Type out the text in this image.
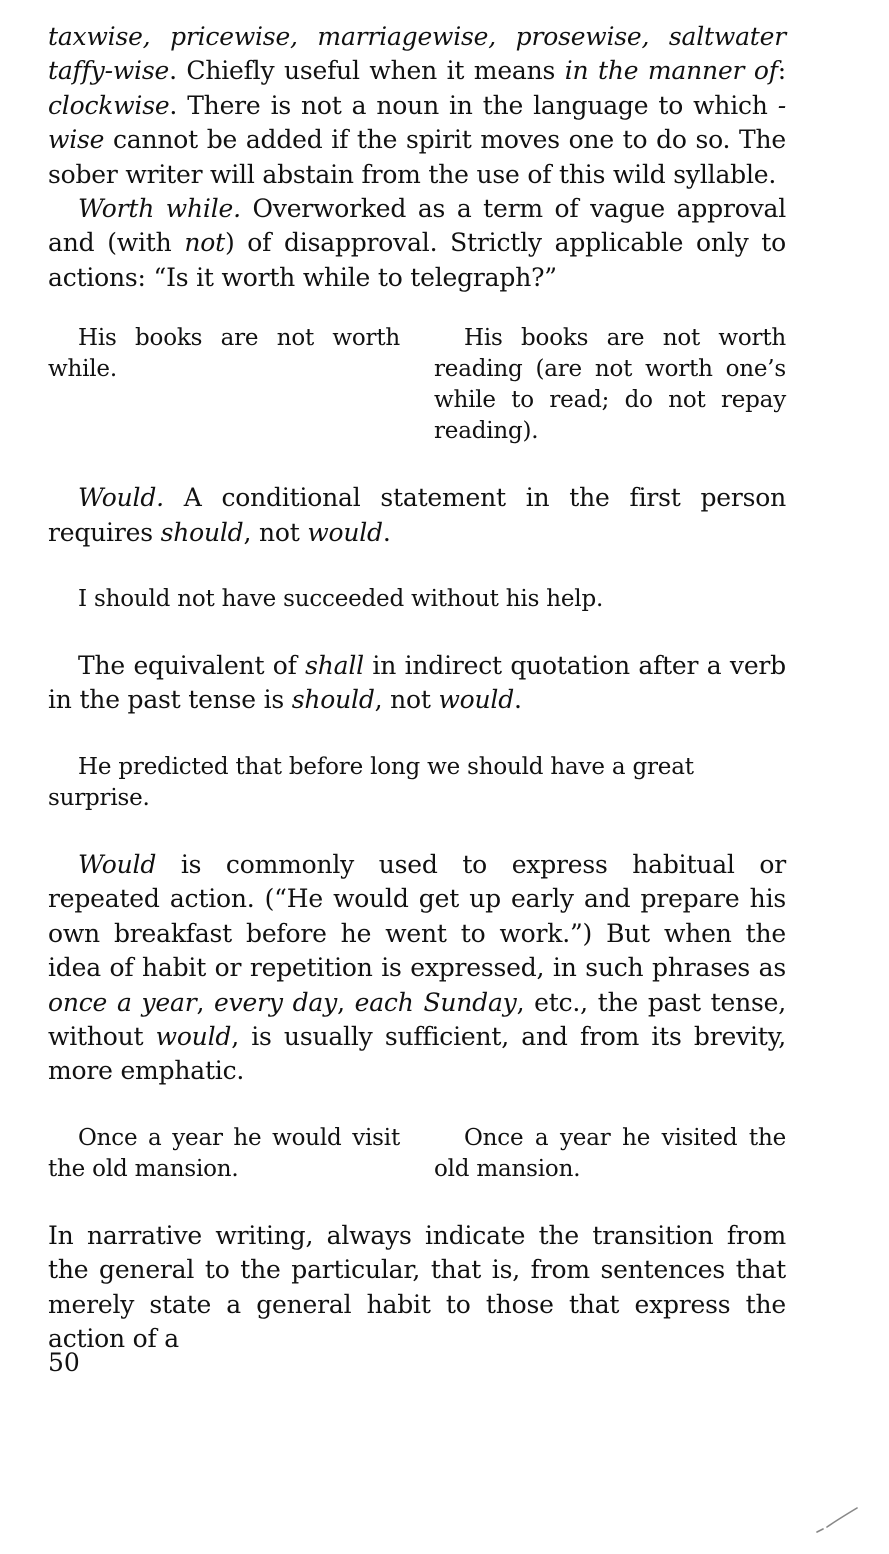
taxwise, pricewise, marriagewise, prosewise, saltwater taffy-wise. Chiefly useful when it means in the manner of: clockwise. There is not a noun in the language to which -wise cannot be added if the spirit moves one to do so. The sober writer will abstain from the use of this wild syllable.

Worth while. Overworked as a term of vague approval and (with not) of disapproval. Strictly applicable only to actions: “Is it worth while to telegraph?”

His books are not worth while.
His books are not worth reading (are not worth one’s while to read; do not repay reading).

Would. A conditional statement in the first person requires should, not would.

I should not have succeeded without his help.

The equivalent of shall in indirect quotation after a verb in the past tense is should, not would.

He predicted that before long we should have a great surprise.

Would is commonly used to express habitual or repeated action. (“He would get up early and prepare his own breakfast before he went to work.”) But when the idea of habit or repetition is expressed, in such phrases as once a year, every day, each Sunday, etc., the past tense, without would, is usually sufficient, and from its brevity, more emphatic.

Once a year he would visit the old mansion.
Once a year he visited the old mansion.

In narrative writing, always indicate the transition from the general to the particular, that is, from sentences that merely state a general habit to those that express the action of a

50
